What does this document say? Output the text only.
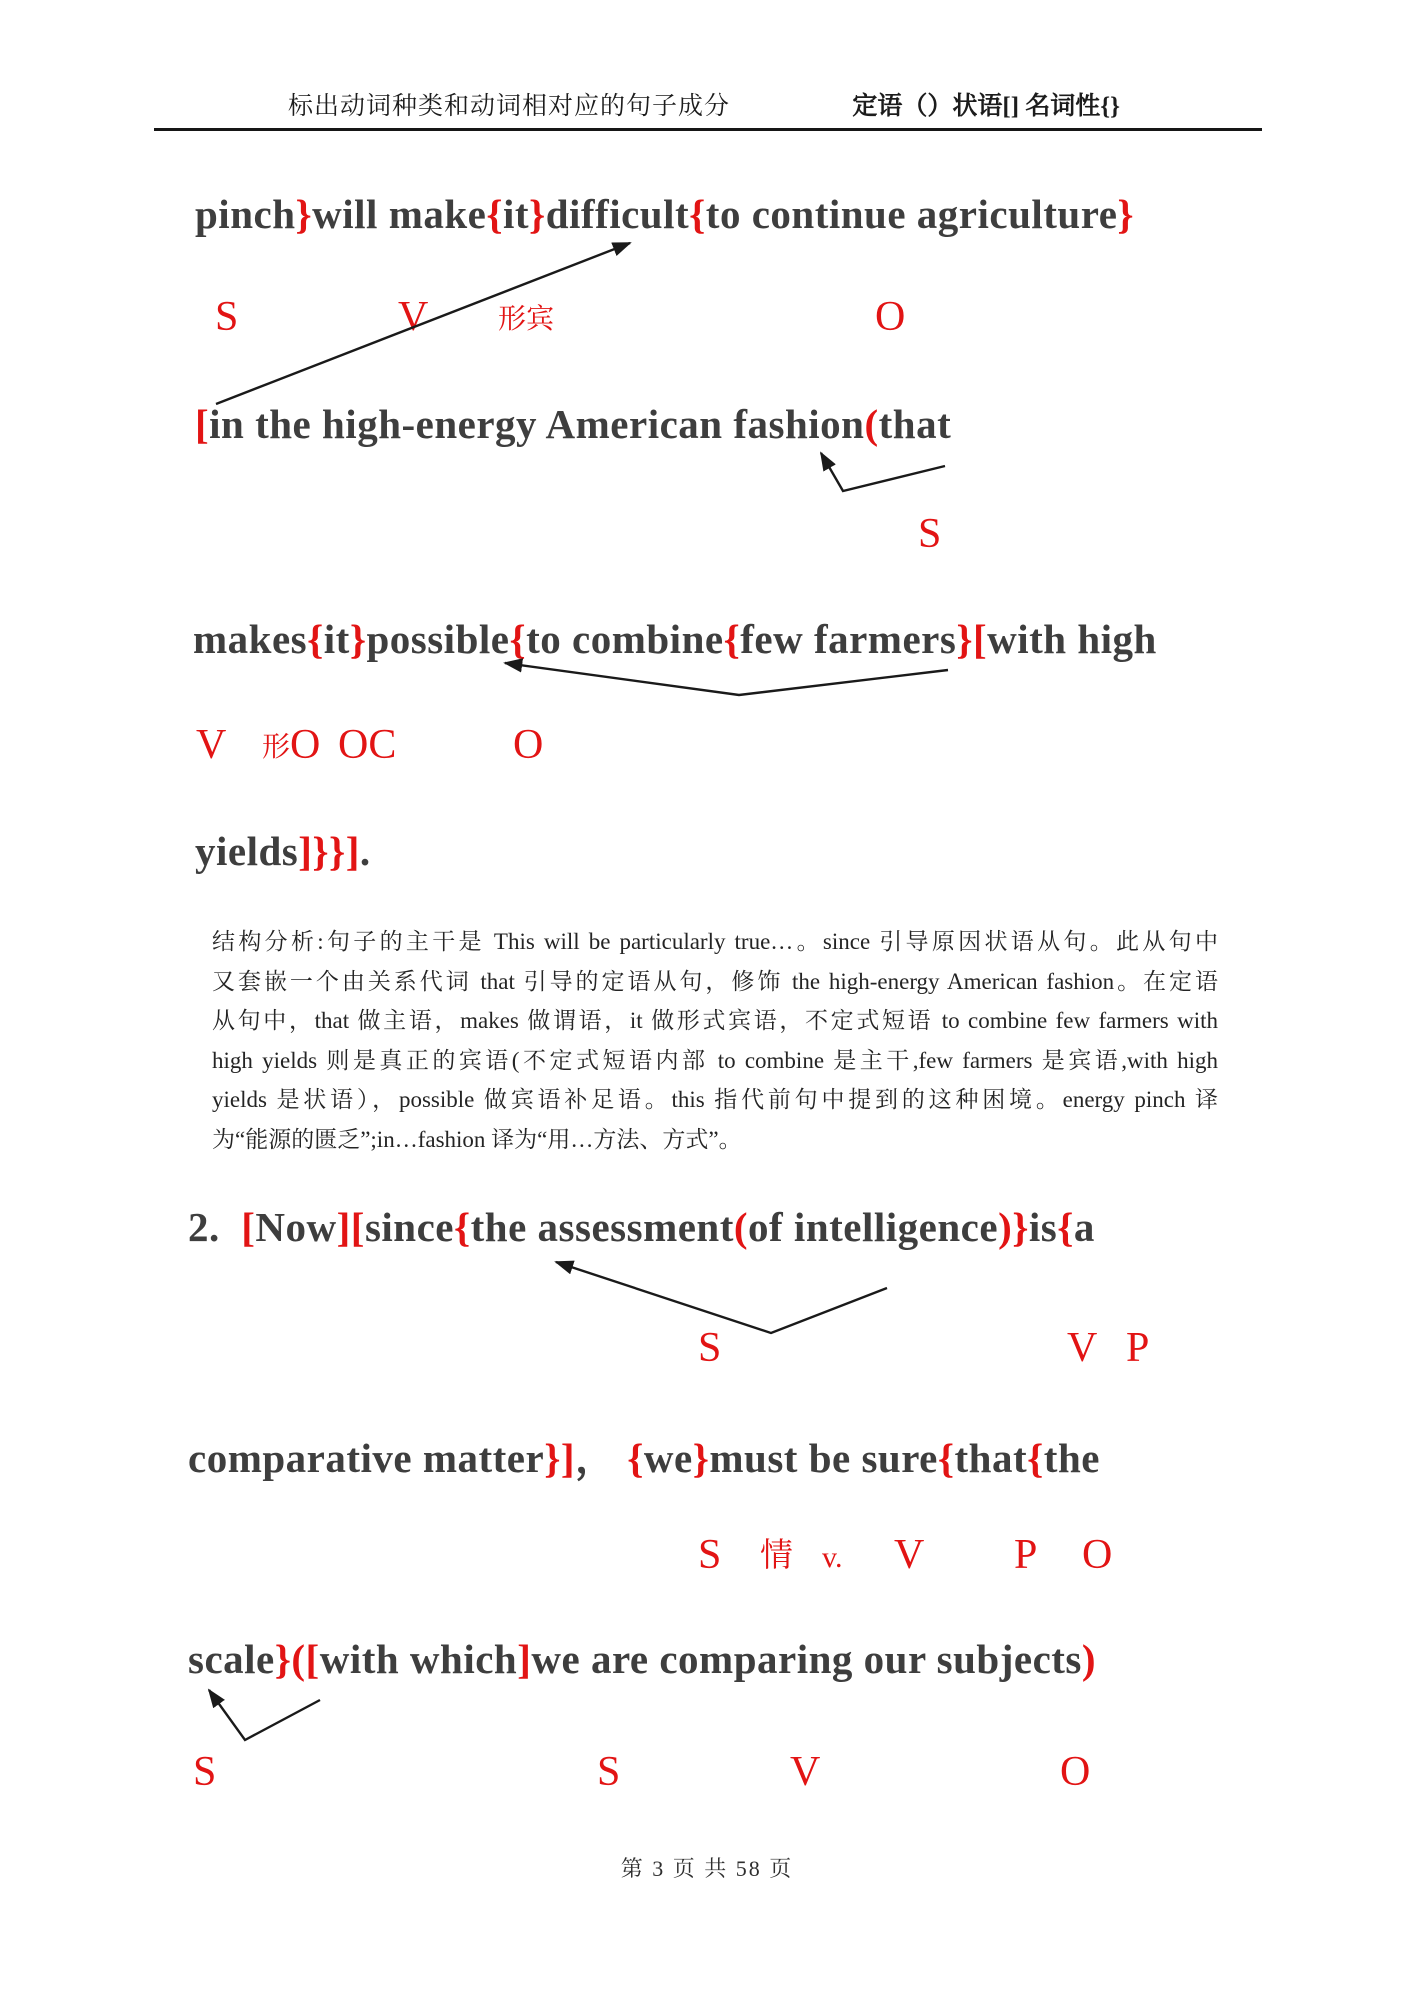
标出动词种类和动词相对应的句子成分	定语（）状语[] 名词性{}
pinch}will make{it}difficult{to continue agriculture}
[in the high-energy American fashion(that
makes{it}possible{to combine{few farmers}[with high
yields]}}].
2.  [Now][since{the assessment(of intelligence)}is{a
comparative matter}]， {we}must be sure{that{the
scale}([with which]we are comparing our subjects)
S	V 形宾	O
S
V 形 O OC	O
S	V P
S 情 v. V P O
S	S	V	O
结构分析:句子的主干是 This will be particularly true…。since 引导原因状语从句。此从句中
又套嵌一个由关系代词 that 引导的定语从句，修饰 the high-energy American fashion。在定语
从句中，that 做主语，makes 做谓语，it 做形式宾语，不定式短语 to combine few farmers with
high yields 则是真正的宾语(不定式短语内部 to combine 是主干,few farmers 是宾语,with high
yields 是状语），possible 做宾语补足语。this 指代前句中提到的这种困境。energy pinch 译
为“能源的匮乏”;in…fashion 译为“用…方法、方式”。
第 3 页 共 58 页
